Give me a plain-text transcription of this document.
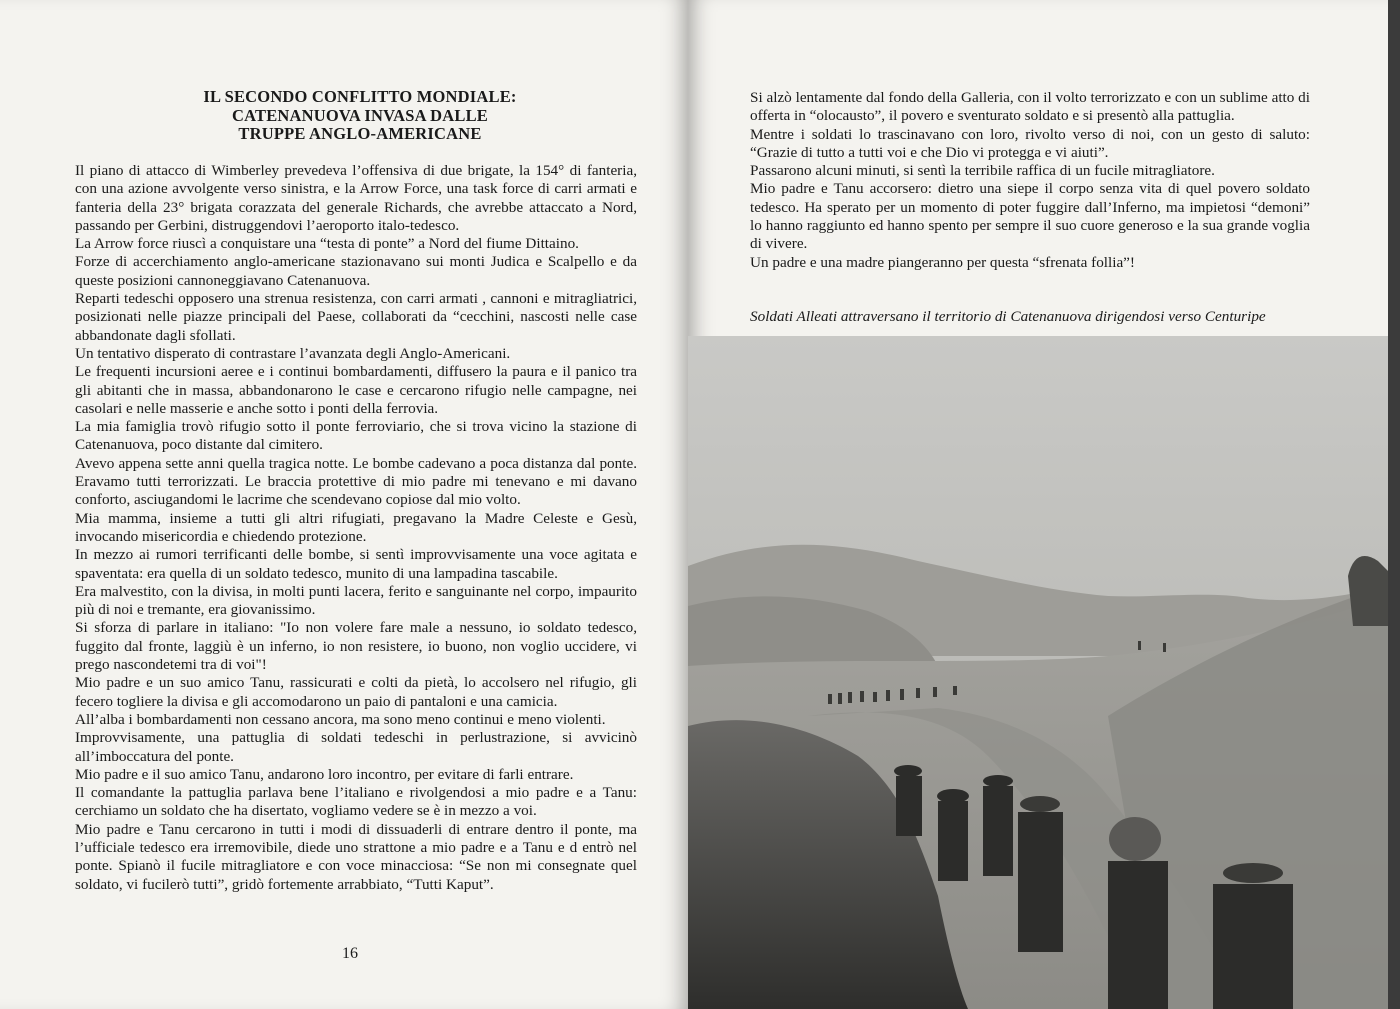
IL SECONDO CONFLITTO MONDIALE:
CATENANUOVA INVASA DALLE
TRUPPE ANGLO-AMERICANE

Il piano di attacco di Wimberley prevedeva l’offensiva di due brigate, la 154° di fanteria, con una azione avvolgente verso sinistra, e la Arrow Force, una task force di carri armati e fanteria della 23° brigata corazzata del generale Richards, che avrebbe attaccato a Nord, passando per Gerbini, distruggendovi l’aeroporto italo-tedesco.

La Arrow force riuscì a conquistare una “testa di ponte” a Nord del fiume Dittaino.

Forze di accerchiamento anglo-americane stazionavano sui monti Judica e Scalpello e da queste posizioni cannoneggiavano Catenanuova.

Reparti tedeschi opposero una strenua resistenza, con carri armati , cannoni e mitragliatrici, posizionati nelle piazze principali del Paese, collaborati da “cecchini, nascosti nelle case abbandonate dagli sfollati.

Un tentativo disperato di contrastare l’avanzata degli Anglo-Americani.

Le frequenti incursioni aeree e i continui bombardamenti, diffusero la paura e il panico tra gli abitanti che in massa, abbandonarono le case e cercarono rifugio nelle campagne, nei casolari e nelle masserie e anche sotto i ponti della ferrovia.

La mia famiglia trovò rifugio sotto il ponte ferroviario, che si trova vicino la stazione di Catenanuova, poco distante dal cimitero.

Avevo appena sette anni quella tragica notte. Le bombe cadevano a poca distanza dal ponte. Eravamo tutti terrorizzati. Le braccia protettive di mio padre mi tenevano e mi davano conforto, asciugandomi le lacrime che scendevano copiose dal mio volto.

Mia mamma, insieme a tutti gli altri rifugiati, pregavano la Madre Celeste e Gesù, invocando misericordia e chiedendo protezione.

In mezzo ai rumori terrificanti delle bombe, si sentì improvvisamente una voce agitata e spaventata: era quella di un soldato tedesco, munito di una lampadina tascabile.

Era malvestito, con la divisa, in molti punti lacera, ferito e sanguinante nel corpo, impaurito più di noi e tremante, era giovanissimo.

Si sforza di parlare in italiano: "Io non volere fare male a nessuno, io soldato tedesco, fuggito dal fronte, laggiù è un inferno, io non resistere, io buono, non voglio uccidere, vi prego nascondetemi tra di voi"!

Mio padre e un suo amico Tanu, rassicurati e colti da pietà, lo accolsero nel rifugio, gli fecero togliere la divisa e gli accomodarono un paio di pantaloni e una camicia.

All’alba i bombardamenti non cessano ancora, ma sono meno continui e meno violenti.

Improvvisamente, una pattuglia di soldati tedeschi in perlustrazione, si avvicinò all’imboccatura del ponte.

Mio padre e il suo amico Tanu, andarono loro incontro, per evitare di farli entrare.

Il comandante la pattuglia parlava bene l’italiano e rivolgendosi a mio padre e a Tanu: cerchiamo un soldato che ha disertato, vogliamo vedere se è in mezzo a voi.

Mio padre e Tanu cercarono in tutti i modi di dissuaderli di entrare dentro il ponte, ma l’ufficiale tedesco era irremovibile, diede uno strattone a mio padre e a Tanu e d entrò nel ponte. Spianò il fucile mitragliatore e con voce minacciosa: “Se non mi consegnate quel soldato, vi fucilerò tutti”, gridò fortemente arrabbiato, “Tutti Kaput”.

16

Si alzò lentamente dal fondo della Galleria, con il volto terrorizzato e con un sublime atto di offerta in “olocausto”, il povero e sventurato soldato e si presentò alla pattuglia.

Mentre i soldati lo trascinavano con loro, rivolto verso di noi, con un gesto di saluto: “Grazie di tutto a tutti voi e che Dio vi protegga e vi aiuti”.

Passarono alcuni minuti, si sentì la terribile raffica di un fucile mitragliatore.

Mio padre e Tanu accorsero: dietro una siepe il corpo senza vita di quel povero soldato tedesco. Ha sperato per un momento di poter fuggire dall’Inferno, ma impietosi “demoni” lo hanno raggiunto ed hanno spento per sempre il suo cuore generoso e la sua grande voglia di vivere.

Un padre e una madre piangeranno per questa “sfrenata follia”!

Soldati Alleati attraversano il territorio di Catenanuova dirigendosi verso Centuripe
